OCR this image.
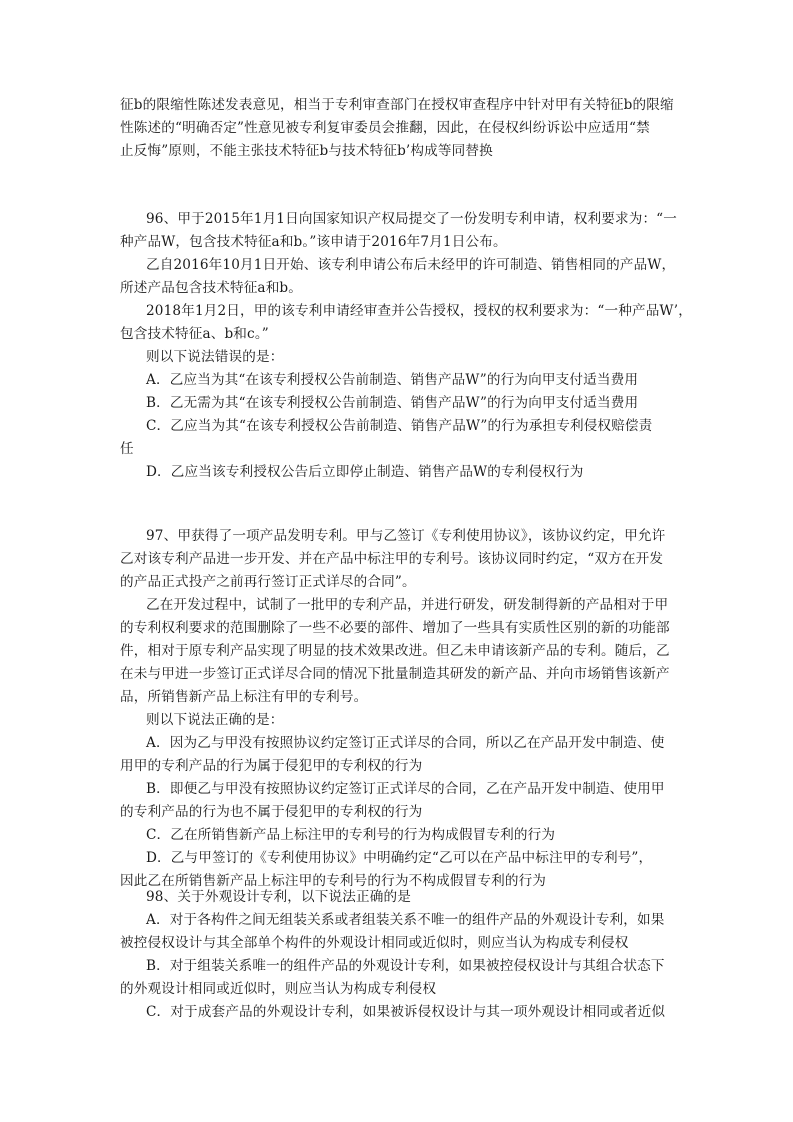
征b的限缩性陈述发表意见，相当于专利审查部门在授权审查程序中针对甲有关特征b的限缩
性陈述的“明确否定”性意见被专利复审委员会推翻，因此，在侵权纠纷诉讼中应适用“禁
止反悔”原则，不能主张技术特征b与技术特征b’构成等同替换
96、甲于2015年1月1日向国家知识产权局提交了一份发明专利申请，权利要求为：“一
种产品W，包含技术特征a和b。”该申请于2016年7月1日公布。
乙自2016年10月1日开始、该专利申请公布后未经甲的许可制造、销售相同的产品W，
所述产品包含技术特征a和b。
2018年1月2日，甲的该专利申请经审查并公告授权，授权的权利要求为：“一种产品W’，
包含技术特征a、b和c。”
则以下说法错误的是：
A．乙应当为其“在该专利授权公告前制造、销售产品W”的行为向甲支付适当费用
B．乙无需为其“在该专利授权公告前制造、销售产品W”的行为向甲支付适当费用
C．乙应当为其“在该专利授权公告前制造、销售产品W”的行为承担专利侵权赔偿责
任
D．乙应当该专利授权公告后立即停止制造、销售产品W的专利侵权行为
97、甲获得了一项产品发明专利。甲与乙签订《专利使用协议》，该协议约定，甲允许
乙对该专利产品进一步开发、并在产品中标注甲的专利号。该协议同时约定，“双方在开发
的产品正式投产之前再行签订正式详尽的合同”。
乙在开发过程中，试制了一批甲的专利产品，并进行研发，研发制得新的产品相对于甲
的专利权利要求的范围删除了一些不必要的部件、增加了一些具有实质性区别的新的功能部
件，相对于原专利产品实现了明显的技术效果改进。但乙未申请该新产品的专利。随后，乙
在未与甲进一步签订正式详尽合同的情况下批量制造其研发的新产品、并向市场销售该新产
品，所销售新产品上标注有甲的专利号。
则以下说法正确的是：
A．因为乙与甲没有按照协议约定签订正式详尽的合同，所以乙在产品开发中制造、使
用甲的专利产品的行为属于侵犯甲的专利权的行为
B．即便乙与甲没有按照协议约定签订正式详尽的合同，乙在产品开发中制造、使用甲
的专利产品的行为也不属于侵犯甲的专利权的行为
C．乙在所销售新产品上标注甲的专利号的行为构成假冒专利的行为
D．乙与甲签订的《专利使用协议》中明确约定“乙可以在产品中标注甲的专利号”，
因此乙在所销售新产品上标注甲的专利号的行为不构成假冒专利的行为
98、关于外观设计专利，以下说法正确的是
A．对于各构件之间无组装关系或者组装关系不唯一的组件产品的外观设计专利，如果
被控侵权设计与其全部单个构件的外观设计相同或近似时，则应当认为构成专利侵权
B．对于组装关系唯一的组件产品的外观设计专利，如果被控侵权设计与其组合状态下
的外观设计相同或近似时，则应当认为构成专利侵权
C．对于成套产品的外观设计专利，如果被诉侵权设计与其一项外观设计相同或者近似
